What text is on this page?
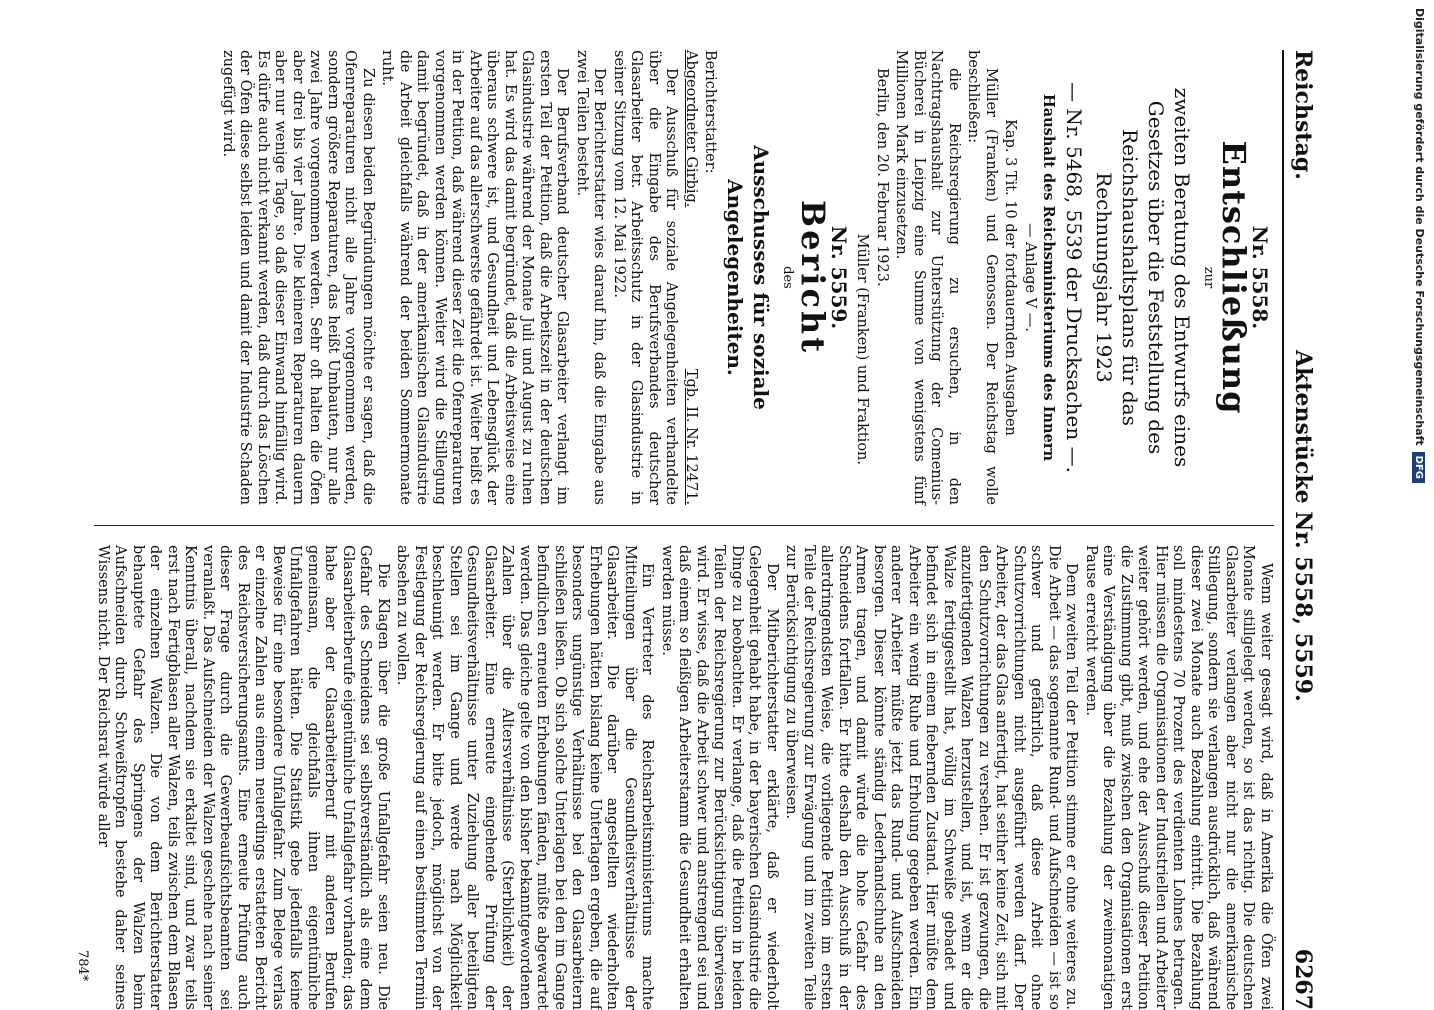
Reichstag.
Aktenstücke Nr. 5558, 5559.
6267

Nr. 5558.

Entschließung

zur

zweiten Beratung des Entwurfs eines Gesetzes über die Feststellung des Reichshaushaltsplans für das Rechnungsjahr 1923

— Nr. 5468, 5539 der Drucksachen —.

Haushalt des Reichsministeriums des Innern

— Anlage V —.

Kap. 3 Tit. 10 der fortdauernden Ausgaben

Müller (Franken) und Genossen. Der Reichstag wolle beschließen:

die Reichsregierung zu ersuchen, in den Nachtragshaushalt zur Unterstützung der Comenius-Bücherei in Leipzig eine Summe von wenigstens fünf Millionen Mark einzusetzen.

Berlin, den 20. Februar 1923.

Müller (Franken) und Fraktion.

Nr. 5559.

Bericht

des

Ausschusses für soziale Angelegenheiten.

Berichterstatter:

Abgeordneter Girbig.
Tgb. II. Nr. 12471.

Der Ausschuß für soziale Angelegenheiten verhandelte über die Eingabe des Berufsverbandes deutscher Glasarbeiter betr. Arbeitsschutz in der Glasindustrie in seiner Sitzung vom 12. Mai 1922.

Der Berichterstatter wies darauf hin, daß die Eingabe aus zwei Teilen besteht.

Der Berufsverband deutscher Glasarbeiter verlangt im ersten Teil der Petition, daß die Arbeitszeit in der deutschen Glasindustrie während der Monate Juli und August zu ruhen hat. Es wird das damit begründet, daß die Arbeitsweise eine überaus schwere ist, und Gesundheit und Lebensglück der Arbeiter auf das allerschwerste gefährdet ist. Weiter heißt es in der Petition, daß während dieser Zeit die Ofenreparaturen vorgenommen werden können. Weiter wird die Stillegung damit begründet, daß in der amerikanischen Glasindustrie die Arbeit gleichfalls während der beiden Sommermonate ruht.

Zu diesen beiden Begründungen möchte er sagen, daß die Ofenreparaturen nicht alle Jahre vorgenommen werden, sondern größere Reparaturen, das heißt Umbauten, nur alle zwei Jahre vorgenommen werden. Sehr oft halten die Öfen aber drei bis vier Jahre. Die kleineren Reparaturen dauern aber nur wenige Tage, so daß dieser Einwand hinfällig wird. Es dürfe auch nicht verkannt werden, daß durch das Löschen der Öfen diese selbst leiden und damit der Industrie Schaden zugefügt wird.

Wenn weiter gesagt wird, daß in Amerika die Öfen zwei Monate stillgelegt werden, so ist das richtig. Die deutschen Glasarbeiter verlangen aber nicht nur die amerikanische Stillegung, sondern sie verlangen ausdrücklich, daß während dieser zwei Monate auch Bezahlung eintritt. Die Bezahlung soll mindestens 70 Prozent des verdienten Lohnes betragen. Hier müssen die Organisationen der Industriellen und Arbeiter weiter gehört werden, und ehe der Ausschuß dieser Petition die Zustimmung gibt, muß zwischen den Organisationen erst eine Verständigung über die Bezahlung der zweimonatigen Pause erreicht werden.

Dem zweiten Teil der Petition stimme er ohne weiteres zu. Die Arbeit — das sogenannte Rund- und Aufschneiden — ist so schwer und gefährlich, daß diese Arbeit ohne Schutzvorrichtungen nicht ausgeführt werden darf. Der Arbeiter, der das Glas anfertigt, hat seither keine Zeit, sich mit den Schutzvorrichtungen zu versehen. Er ist gezwungen, die anzufertigenden Walzen herzustellen, und ist, wenn er die Walze fertiggestellt hat, völlig im Schweiße gebadet und befindet sich in einem fiebernden Zustand. Hier müßte dem Arbeiter ein wenig Ruhe und Erholung gegeben werden. Ein anderer Arbeiter müßte jetzt das Rund- und Aufschneiden besorgen. Dieser könnte ständig Lederhandschuhe an den Armen tragen, und damit würde die hohe Gefahr des Schneidens fortfallen. Er bitte deshalb den Ausschuß in der allerdringendsten Weise, die vorliegende Petition im ersten Teile der Reichsregierung zur Erwägung und im zweiten Teile zur Berücksichtigung zu überweisen.

Der Mitberichterstatter erklärte, daß er wiederholt Gelegenheit gehabt habe, in der bayerischen Glasindustrie die Dinge zu beobachten. Er verlange, daß die Petition in beiden Teilen der Reichsregierung zur Berücksichtigung überwiesen wird. Er wisse, daß die Arbeit schwer und anstrengend sei und daß einem so fleißigen Arbeiterstamm die Gesundheit erhalten werden müsse.

Ein Vertreter des Reichsarbeitsministeriums machte Mitteilungen über die Gesundheitsverhältnisse der Glasarbeiter. Die darüber angestellten wiederholten Erhebungen hätten bislang keine Unterlagen ergeben, die auf besonders ungünstige Verhältnisse bei den Glasarbeitern schließen ließen. Ob sich solche Unterlagen bei den im Gange befindlichen erneuten Erhebungen fänden, müßte abgewartet werden. Das gleiche gelte von den bisher bekanntgewordenen Zahlen über die Altersverhältnisse (Sterblichkeit) der Glasarbeiter. Eine erneute eingehende Prüfung der Gesundheitsverhältnisse unter Zuziehung aller beteiligten Stellen sei im Gange und werde nach Möglichkeit beschleunigt werden. Er bitte jedoch, möglichst von der Festlegung der Reichsregierung auf einen bestimmten Termin absehen zu wollen.

Die Klagen über die große Unfallgefahr seien neu. Die Gefahr des Schneidens sei selbstverständlich als eine dem Glasarbeiterberufe eigentümliche Unfallgefahr vorhanden; das habe aber der Glasarbeiterberuf mit anderen Berufen gemeinsam, die gleichfalls ihnen eigentümliche Unfallgefahren hätten. Die Statistik gebe jedenfalls keine Beweise für eine besondere Unfallgefahr. Zum Belege verlas er einzelne Zahlen aus einem neuerdings erstatteten Bericht des Reichsversicherungsamts. Eine erneute Prüfung auch dieser Frage durch die Gewerbeaufsichtsbeamten sei veranlaßt. Das Aufschneiden der Walzen geschehe nach seiner Kenntnis überall, nachdem sie erkaltet sind, und zwar teils erst nach Fertigblasen aller Walzen, teils zwischen dem Blasen der einzelnen Walzen. Die von dem Berichterstatter behauptete Gefahr des Springens der Walzen beim Aufschneiden durch Schweißtropfen bestehe daher seines Wissens nicht. Der Reichsrat würde aller

784*
Digitalisierung gefördert durch die Deutsche ForschungsgemeinschaftDFG
